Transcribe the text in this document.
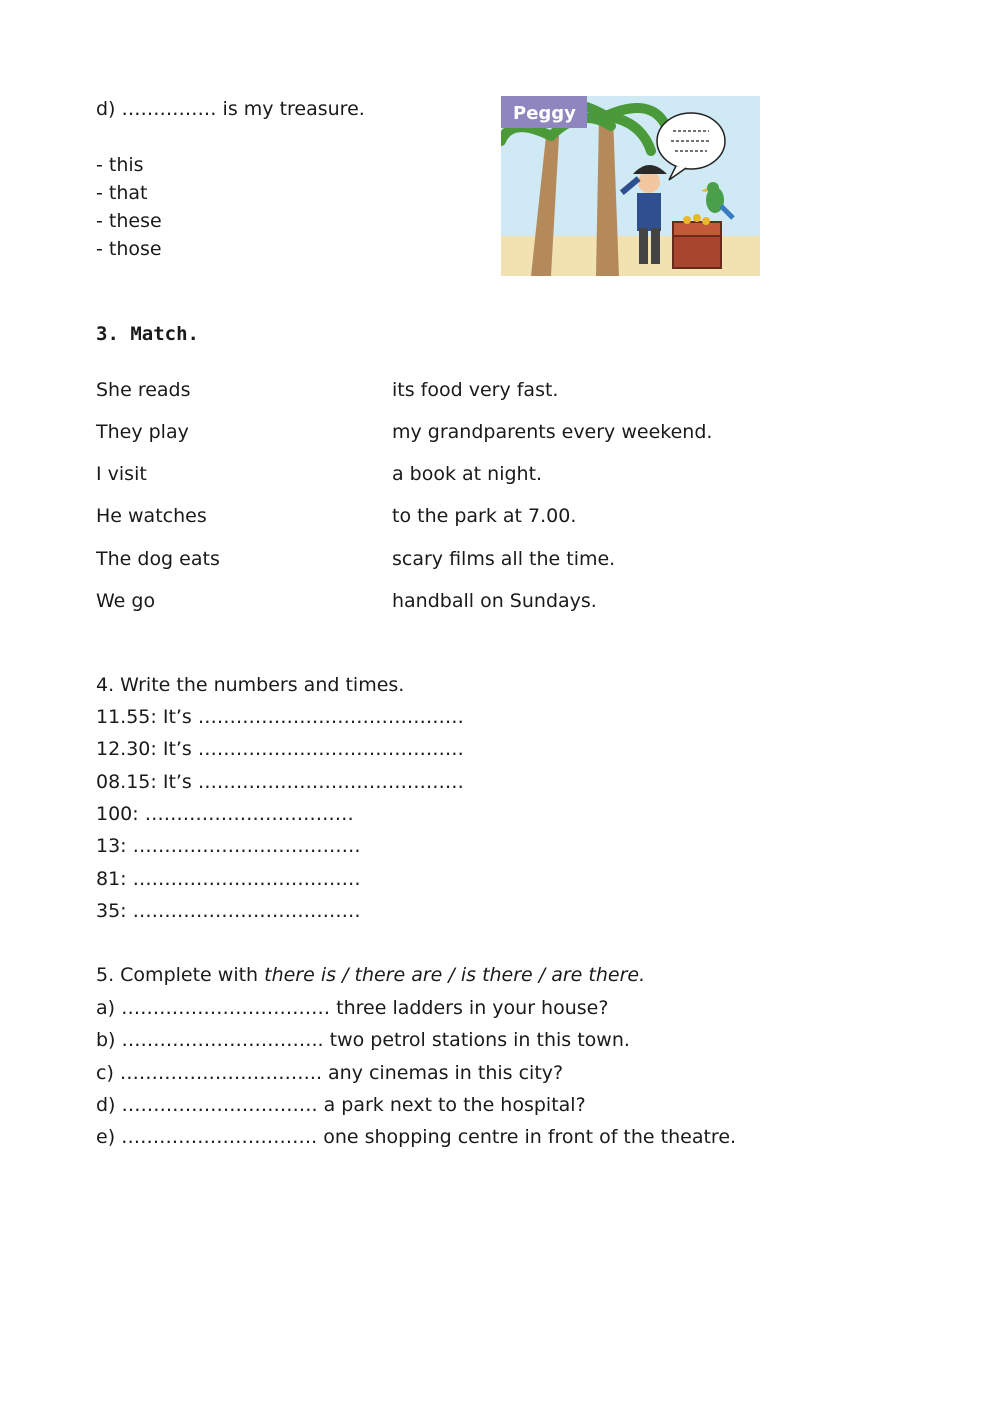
d) …………… is my treasure.
- this
- that
- these
- those
Peggy
3. Match.
She reads
They play
I visit
He watches
The dog eats
We go
its food very fast.
my grandparents every weekend.
a book at night.
to the park at 7.00.
scary films all the time.
handball on Sundays.
4. Write the numbers and times.
11.55: It’s ……………………………………
12.30: It’s ……………………………………
08.15: It’s ……………………………………
100: ……………………………
13: ………………………………
81: ………………………………
35: ………………………………
5. Complete with there is / there are / is there / are there.
a) …………………………… three ladders in your house?
b) ………………………….. two petrol stations in this town.
c) ………………………….. any cinemas in this city?
d) …………………………. a park next to the hospital?
e) …………………………. one shopping centre in front of the theatre.
